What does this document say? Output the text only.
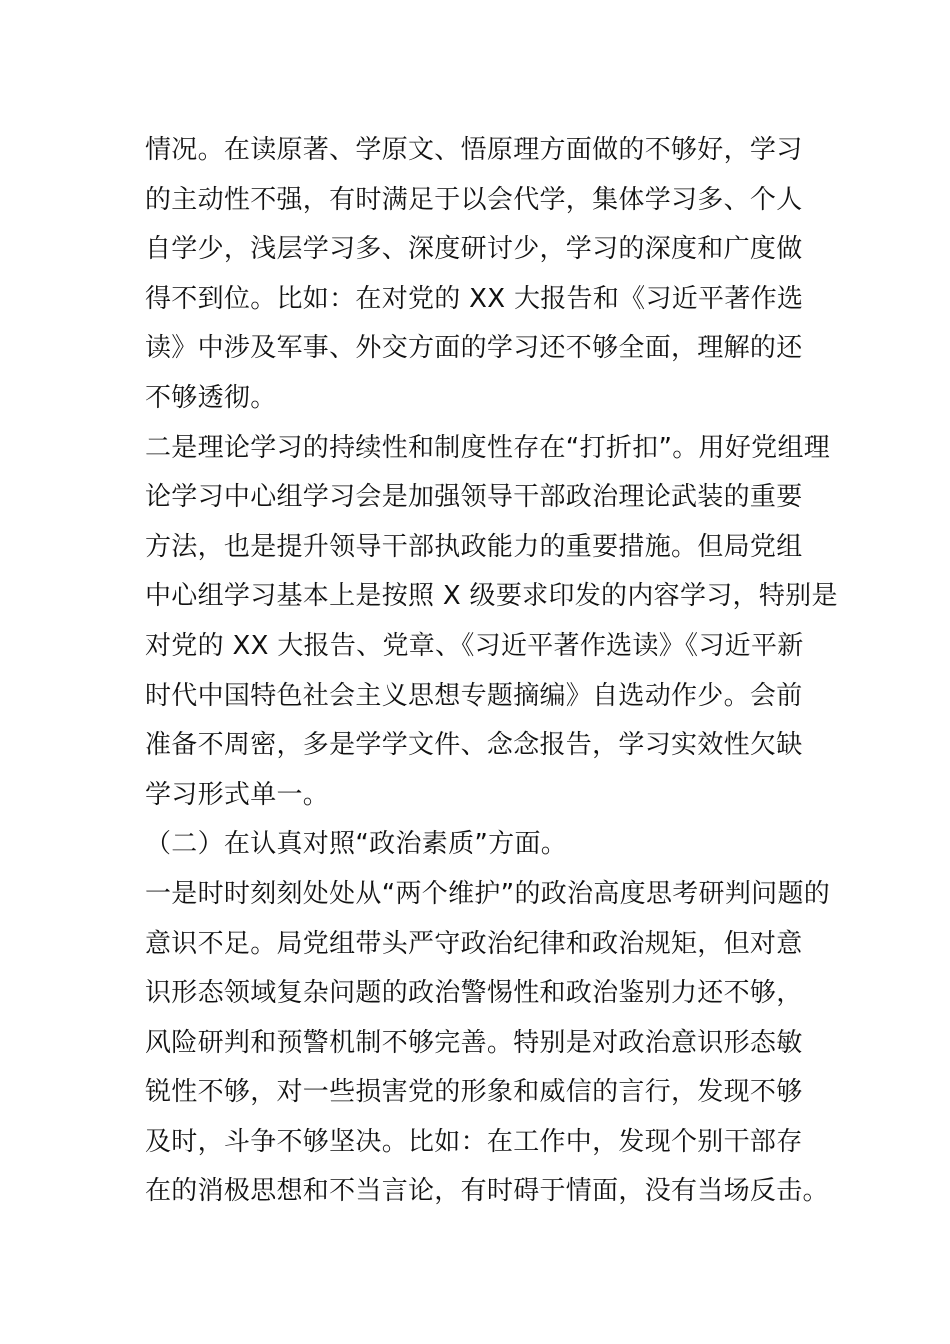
情况。在读原著、学原文、悟原理方面做的不够好，学习
的主动性不强，有时满足于以会代学，集体学习多、个人
自学少，浅层学习多、深度研讨少，学习的深度和广度做
得不到位。比如：在对党的 XX 大报告和《习近平著作选
读》中涉及军事、外交方面的学习还不够全面，理解的还
不够透彻。
二是理论学习的持续性和制度性存在“打折扣”。用好党组理
论学习中心组学习会是加强领导干部政治理论武装的重要
方法，也是提升领导干部执政能力的重要措施。但局党组
中心组学习基本上是按照 X 级要求印发的内容学习，特别是
对党的 XX 大报告、党章、《习近平著作选读》《习近平新
时代中国特色社会主义思想专题摘编》自选动作少。会前
准备不周密，多是学学文件、念念报告，学习实效性欠缺
学习形式单一。
（二）在认真对照“政治素质”方面。
一是时时刻刻处处从“两个维护”的政治高度思考研判问题的
意识不足。局党组带头严守政治纪律和政治规矩，但对意
识形态领域复杂问题的政治警惕性和政治鉴别力还不够，
风险研判和预警机制不够完善。特别是对政治意识形态敏
锐性不够，对一些损害党的形象和威信的言行，发现不够
及时，斗争不够坚决。比如：在工作中，发现个别干部存
在的消极思想和不当言论，有时碍于情面，没有当场反击。
